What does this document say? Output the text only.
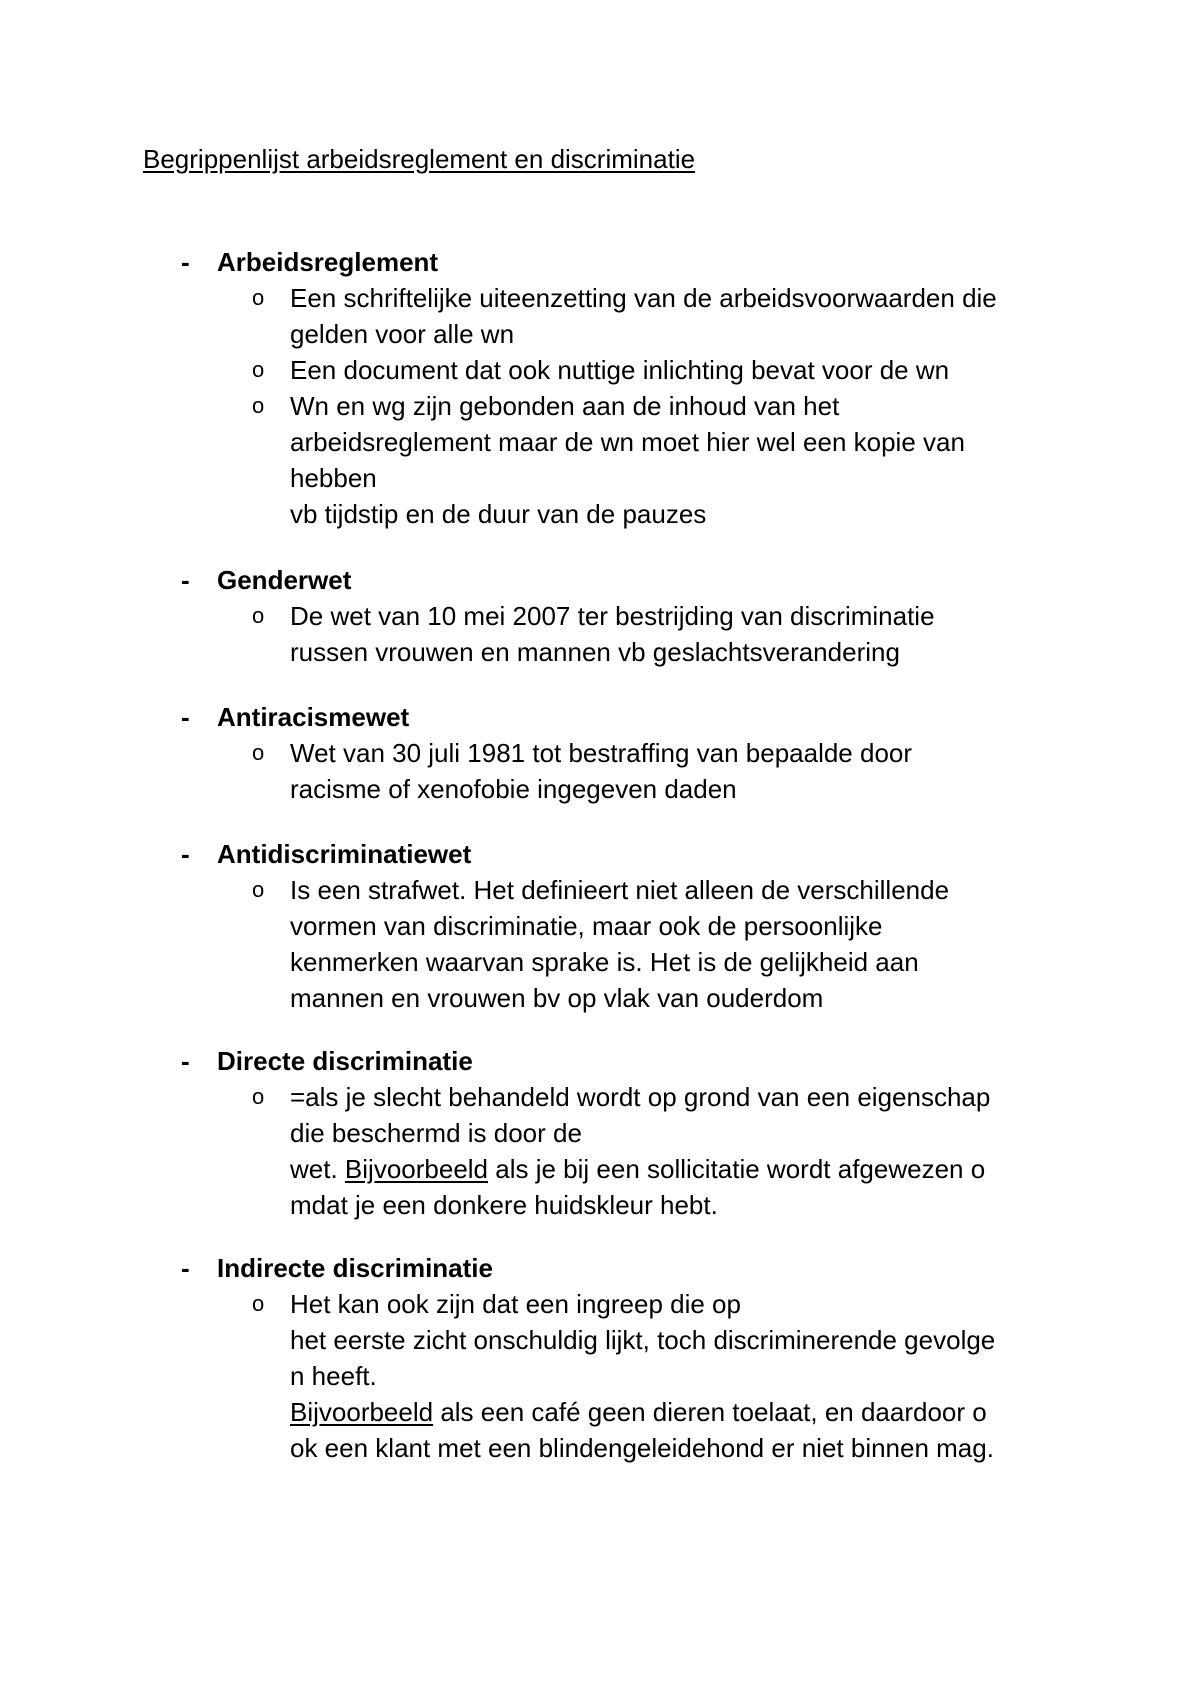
Begrippenlijst arbeidsreglement en discriminatie
- Arbeidsreglement
o Een schriftelijke uiteenzetting van de arbeidsvoorwaarden die
gelden voor alle wn
o Een document dat ook nuttige inlichting bevat voor de wn
o Wn en wg zijn gebonden aan de inhoud van het
arbeidsreglement maar de wn moet hier wel een kopie van
hebben
vb tijdstip en de duur van de pauzes
- Genderwet
o De wet van 10 mei 2007 ter bestrijding van discriminatie
russen vrouwen en mannen vb geslachtsverandering
- Antiracismewet
o Wet van 30 juli 1981 tot bestraffing van bepaalde door
racisme of xenofobie ingegeven daden
- Antidiscriminatiewet
o Is een strafwet. Het definieert niet alleen de verschillende
vormen van discriminatie, maar ook de persoonlijke
kenmerken waarvan sprake is. Het is de gelijkheid aan
mannen en vrouwen bv op vlak van ouderdom
- Directe discriminatie
o =als je slecht behandeld wordt op grond van een eigenschap
die beschermd is door de
wet. Bijvoorbeeld als je bij een sollicitatie wordt afgewezen o
mdat je een donkere huidskleur hebt.
- Indirecte discriminatie
o Het kan ook zijn dat een ingreep die op
het eerste zicht onschuldig lijkt, toch discriminerende gevolge
n heeft.
Bijvoorbeeld als een café geen dieren toelaat, en daardoor o
ok een klant met een blindengeleidehond er niet binnen mag.
